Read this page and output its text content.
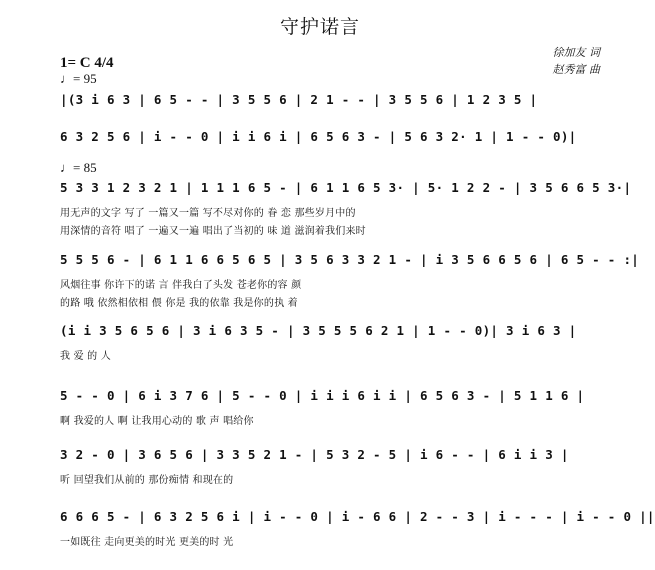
守护诺言
徐加友 词
赵秀富 曲
1= C 4/4
♩= 95
♩= 85
|(3 i 6 3 | 6 5 - - | 3 5 5 6 | 2 1 - - | 3 5 5 6 | 1 2 3 5 |
6 3 2 5 6 | i - - 0 | i i 6 i | 6 5 6 3 - | 5 6 3 2· 1 | 1 - - 0)|
5 3 3 1 2 3 2 1 | 1 1 1 6 5 - | 6 1 1 6 5 3· | 5· 1 2 2 - | 3 5 6 6 5 3·|
用无声的文字 写了 一篇又一篇 写不尽对你的 眷 恋 那些岁月中的
用深情的音符 唱了 一遍又一遍 唱出了当初的 味 道 滋润着我们来时
5 5 5 6 - | 6 1 1 6 6 5 6 5 | 3 5 6 3 3 2 1 - | i 3 5 6 6 5 6 | 6 5 - - :|
风烟往事 你许下的诺 言 伴我白了头发 苍老你的容 颜
的路 哦 依然相依相 偎 你是 我的依靠 我是你的执 着
(i i 3 5 6 5 6 | 3 i 6 3 5 - | 3 5 5 5 6 2 1 | 1 - - 0)| 3 i 6 3 |
我 爱 的 人
5 - - 0 | 6 i 3 7 6 | 5 - - 0 | i i i 6 i i | 6 5 6 3 - | 5 1 1 6 |
啊 我爱的人 啊 让我用心动的 歌 声 唱给你
3 2 - 0 | 3 6 5 6 | 3 3 5 2 1 - | 5 3 2 - 5 | i 6 - - | 6 i i 3 |
听 回望我们从前的 那份痴情 和现在的
6 6 6 5 - | 6 3 2 5 6 i | i - - 0 | i - 6 6 | 2 - - 3 | i - - - | i - - 0 ||
一如既往 走向更美的时光 更美的时 光
